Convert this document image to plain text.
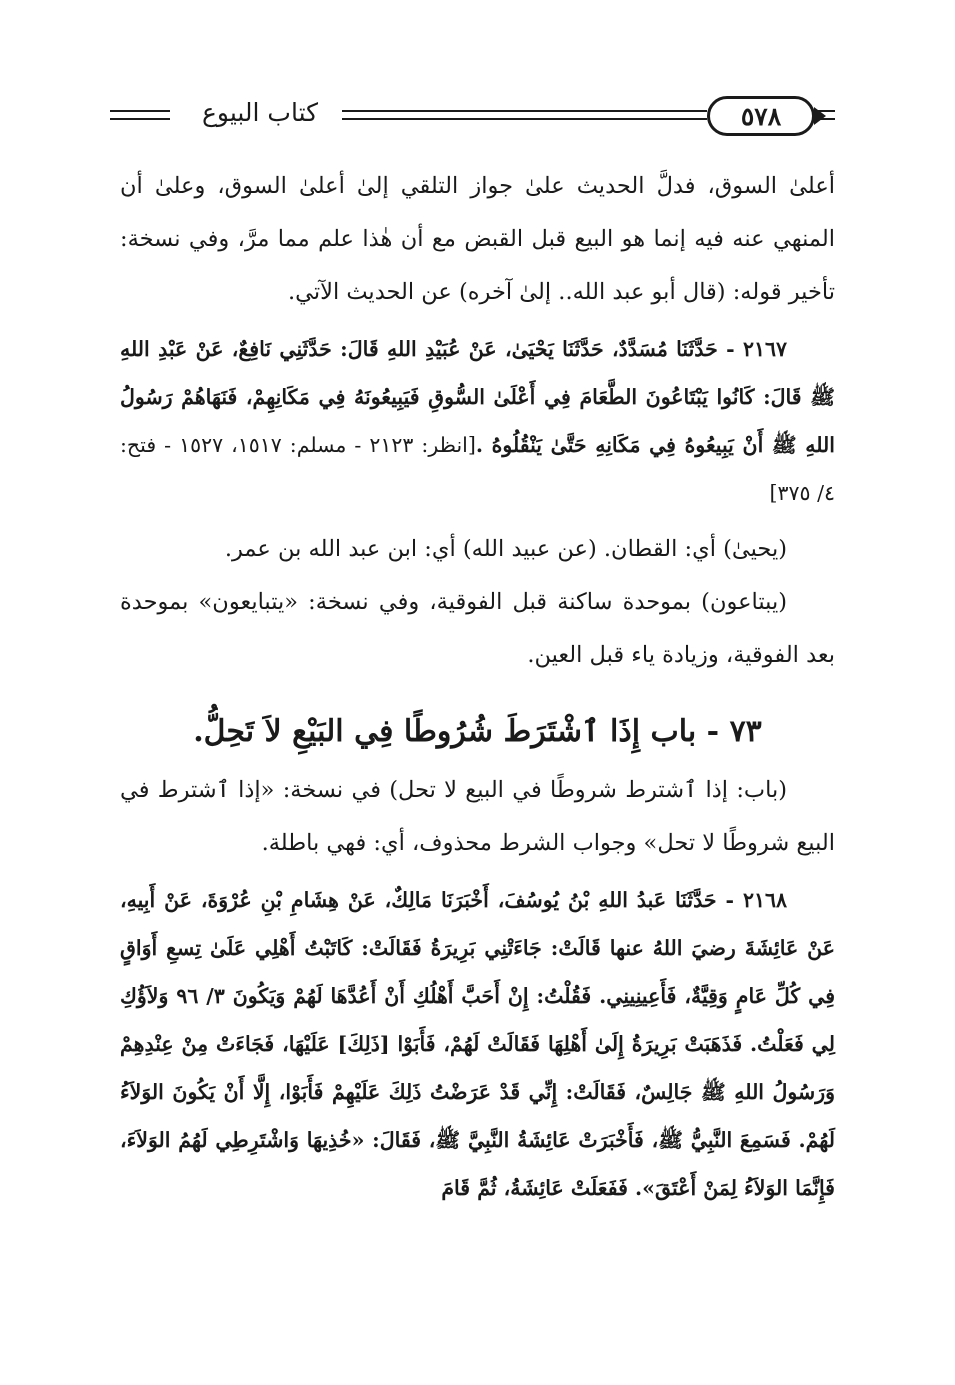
كتاب البيوع	٥٧٨

أعلىٰ السوق، فدلَّ الحديث علىٰ جواز التلقي إلىٰ أعلىٰ السوق، وعلىٰ أن المنهي عنه فيه إنما هو البيع قبل القبض مع أن هٰذا علم مما مرَّ، وفي نسخة: تأخير قوله: (قال أبو عبد الله.. إلىٰ آخره) عن الحديث الآتي.

٢١٦٧ - حَدَّثَنَا مُسَدَّدٌ، حَدَّثَنَا يَحْيَىٰ، عَنْ عُبَيْدِ اللهِ قَالَ: حَدَّثَنِي نَافِعٌ، عَنْ عَبْدِ اللهِ ﷺ قَالَ: كَانُوا يَبْتَاعُونَ الطَّعَامَ فِي أَعْلَىٰ السُّوقِ فَيَبِيعُونَهُ فِي مَكَانِهِمْ، فَنَهَاهُمْ رَسُولُ اللهِ ﷺ أَنْ يَبِيعُوهُ فِي مَكَانِهِ حَتَّىٰ يَنْقُلُوهُ .[انظر: ٢١٢٣ - مسلم: ١٥١٧، ١٥٢٧ - فتح: ٤/ ٣٧٥]

(يحيىٰ) أي: القطان. (عن عبيد الله) أي: ابن عبد الله بن عمر.

(يبتاعون) بموحدة ساكنة قبل الفوقية، وفي نسخة: «يتبايعون» بموحدة بعد الفوقية، وزيادة ياء قبل العين.

٧٣ - باب إِذَا ٱشْتَرَطَ شُرُوطًا فِي البَيْعِ لاَ تَحِلُّ.

(باب: إذا ٱشترط شروطًا في البيع لا تحل) في نسخة: «إذا ٱشترط في البيع شروطًا لا تحل» وجواب الشرط محذوف، أي: فهي باطلة.

٢١٦٨ - حَدَّثَنَا عَبدُ اللهِ بْنُ يُوسُفَ، أَخْبَرَنَا مَالِكٌ، عَنْ هِشَامِ بْنِ عُرْوَةَ، عَنْ أَبِيهِ، عَنْ عَائِشَةَ رضيَ اللهُ عنها قَالَتْ: جَاءَتْنِي بَرِيرَةُ فَقَالَتْ: كَاتَبْتُ أَهْلِي عَلَىٰ تِسعِ أَوَاقٍ فِي كُلِّ عَامٍ وَقِيَّةٌ، فَأَعِينِينِي. فَقُلْتُ: إِنْ أَحَبَّ أَهْلُكِ أَنْ أَعُدَّهَا لَهُمْ وَيَكُونَ ٣/ ٩٦ وَلاَؤُكِ لِي فَعَلْتُ. فَذَهَبَتْ بَرِيرَةُ إِلَىٰ أَهْلِهَا فَقَالَتْ لَهُمْ، فَأَبَوْا [ذَلِكَ] عَلَيْهَا، فَجَاءَتْ مِنْ عِنْدِهِمْ وَرَسُولُ اللهِ ﷺ جَالِسٌ، فَقَالَتْ: إِنِّي قَدْ عَرَضْتُ ذَلِكَ عَلَيْهِمْ فَأَبَوْا، إِلَّا أَنْ يَكُونَ الوَلاَءُ لَهُمْ. فَسَمِعَ النَّبِيُّ ﷺ، فَأَخْبَرَتْ عَائِشَةُ النَّبِيَّ ﷺ، فَقَالَ: «خُذِيهَا وَاشْتَرِطِي لَهُمُ الوَلاَءَ، فَإِنَّمَا الوَلاَءُ لِمَنْ أَعْتَقَ». فَفَعَلَتْ عَائِشَةُ، ثُمَّ قَامَ
